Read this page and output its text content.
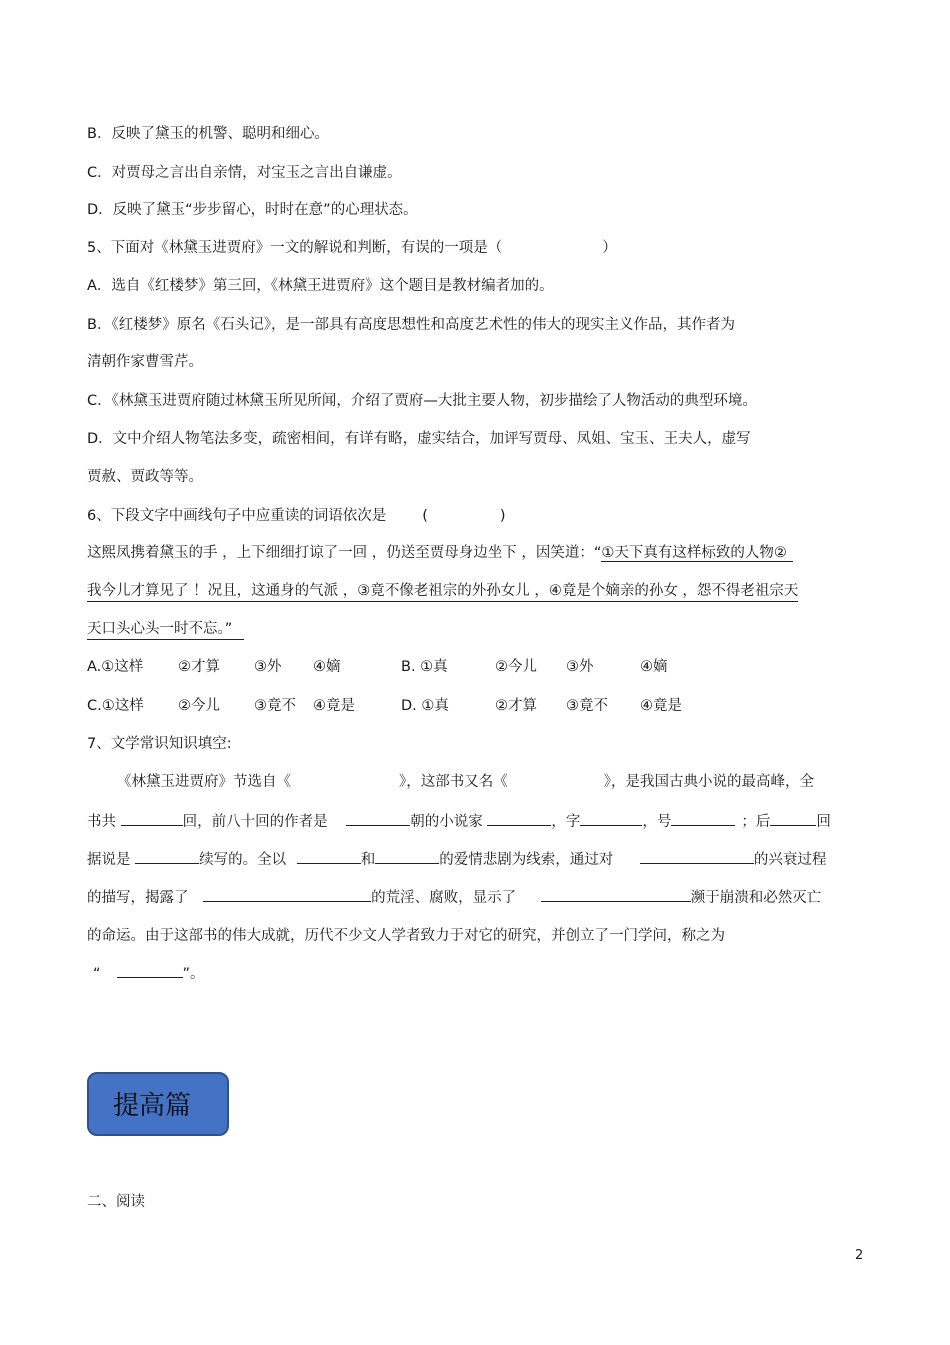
B．反映了黛玉的机警、聪明和细心。
C．对贾母之言出自亲情，对宝玉之言出自谦虚。
D．反映了黛玉“步步留心，时时在意”的心理状态。
5、下面对《林黛玉进贾府》一文的解说和判断，有误的一项是（	）
A．选自《红楼梦》第三回，《林黛王进贾府》这个题目是教材编者加的。
B．《红楼梦》原名《石头记》，是一部具有高度思想性和高度艺术性的伟大的现实主义作品，其作者为
清朝作家曹雪芹。
C．《林黛玉进贾府随过林黛玉所见所闻，介绍了贾府—大批主要人物，初步描绘了人物活动的典型环境。
D．文中介绍人物笔法多变，疏密相间，有详有略，虚实结合，加评写贾母、凤姐、宝玉、王夫人，虚写
贾赦、贾政等等。
6、下段文字中画线句子中应重读的词语依次是 (	)
这熙凤携着黛玉的手 ，上下细细打谅了一回 ，仍送至贾母身边坐下 ，因笑道：“①天下真有这样标致的人物②
我今儿才算见了 ！况且，这通身的气派 ，③竟不像老祖宗的外孙女儿 ，④竟是个嫡亲的孙女 ，怨不得老祖宗天
天口头心头一时不忘。”
A.①这样 ②才算 ③外 ④嫡	B. ①真	②今儿 ③外	④嫡
C.①这样 ②今儿 ③竟不 ④竟是	D. ①真	②才算 ③竟不 ④竟是
7、文学常识知识填空:
《林黛玉进贾府》节选自《	》，这部书又名《	》，是我国古典小说的最高峰，全
书共	回，前八十回的作者是	朝的小说家	，字	，号	；后	回
据说是	续写的。全以	和	的爱情悲剧为线索，通过对	的兴衰过程
的描写，揭露了	的荒淫、腐败，显示了	濒于崩溃和必然灭亡
的命运。由于这部书的伟大成就，历代不少文人学者致力于对它的研究，并创立了一门学问，称之为
“	”。
提高篇
二、阅读
2
